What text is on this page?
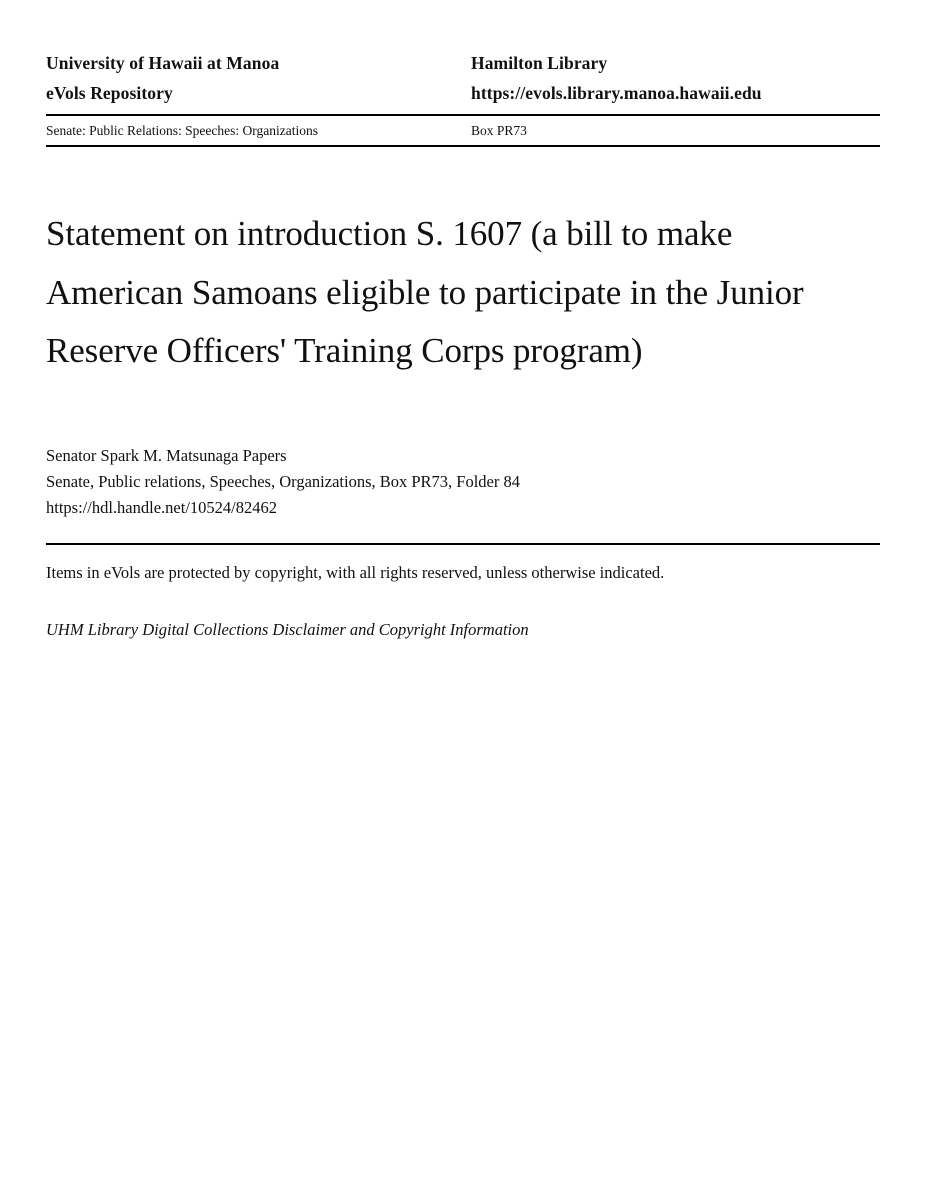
University of Hawaii at Manoa	Hamilton Library
eVols Repository	https://evols.library.manoa.hawaii.edu
Senate: Public Relations: Speeches: Organizations	Box PR73
Statement on introduction S. 1607 (a bill to make American Samoans eligible to participate in the Junior Reserve Officers' Training Corps program)
Senator Spark M. Matsunaga Papers
Senate, Public relations, Speeches, Organizations, Box PR73, Folder 84
https://hdl.handle.net/10524/82462
Items in eVols are protected by copyright, with all rights reserved, unless otherwise indicated.
UHM Library Digital Collections Disclaimer and Copyright Information
